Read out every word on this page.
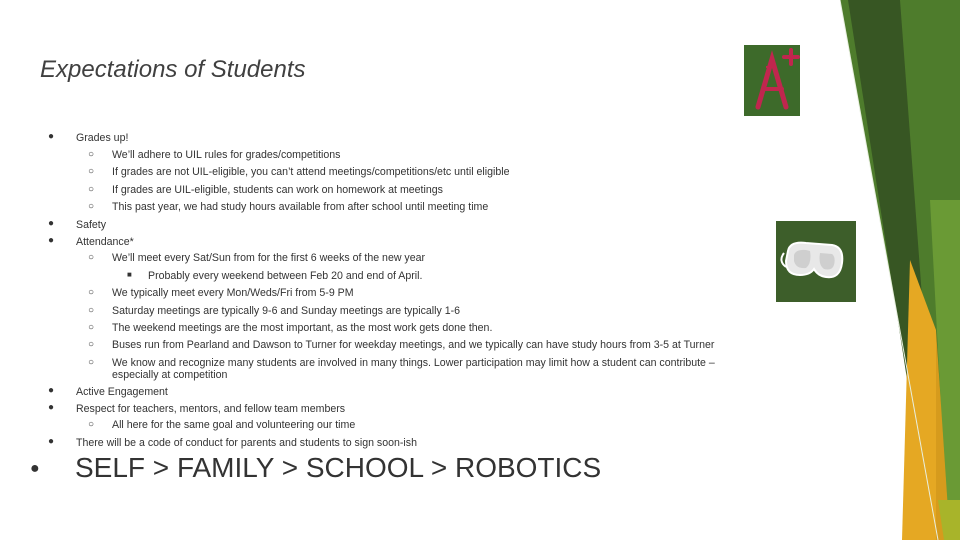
Expectations of Students
● Grades up!
○ We’ll adhere to UIL rules for grades/competitions
○ If grades are not UIL-eligible, you can’t attend meetings/competitions/etc until eligible
○ If grades are UIL-eligible, students can work on homework at meetings
○ This past year, we had study hours available from after school until meeting time
● Safety
● Attendance*
○ We’ll meet every Sat/Sun from for the first 6 weeks of the new year
■ Probably every weekend between Feb 20 and end of April.
○ We typically meet every Mon/Weds/Fri from 5-9 PM
○ Saturday meetings are typically 9-6 and Sunday meetings are typically 1-6
○ The weekend meetings are the most important, as the most work gets done then.
○ Buses run from Pearland and Dawson to Turner for weekday meetings, and we typically can have study hours from 3-5 at Turner
○ We know and recognize many students are involved in many things. Lower participation may limit how a student can contribute –
especially at competition
● Active Engagement
● Respect for teachers, mentors, and fellow team members
○ All here for the same goal and volunteering our time
● There will be a code of conduct for parents and students to sign soon-ish
● SELF > FAMILY > SCHOOL > ROBOTICS
